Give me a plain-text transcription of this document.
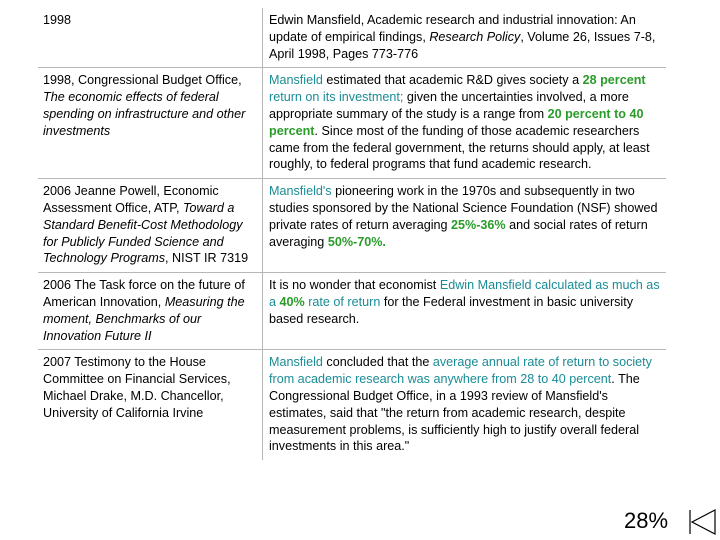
1998	Edwin Mansfield, Academic research and industrial innovation: An update of empirical findings, Research Policy, Volume 26, Issues 7-8, April 1998, Pages 773-776
1998, Congressional Budget Office, The economic effects of federal spending on infrastructure and other investments
Mansfield estimated that academic R&D gives society a 28 percent return on its investment; given the uncertainties involved, a more appropriate summary of the study is a range from 20 percent to 40 percent. Since most of the funding of those academic researchers came from the federal government, the returns should apply, at least roughly, to federal programs that fund academic research.
2006 Jeanne Powell, Economic Assessment Office, ATP, Toward a Standard Benefit-Cost Methodology for Publicly Funded Science and Technology Programs, NIST IR 7319
Mansfield's pioneering work in the 1970s and subsequently in two studies sponsored by the National Science Foundation (NSF) showed private rates of return averaging 25%-36% and social rates of return averaging 50%-70%.
2006 The Task force on the future of American Innovation, Measuring the moment, Benchmarks of our Innovation Future II
It is no wonder that economist Edwin Mansfield calculated as much as a 40% rate of return for the Federal investment in basic university based research.
2007 Testimony to the House Committee on Financial Services, Michael Drake, M.D. Chancellor, University of California Irvine
Mansfield concluded that the average annual rate of return to society from academic research was anywhere from 28 to 40 percent. The Congressional Budget Office, in a 1993 review of Mansfield's estimates, said that "the return from academic research, despite measurement problems, is sufficiently high to justify overall federal investments in this area."
28%
